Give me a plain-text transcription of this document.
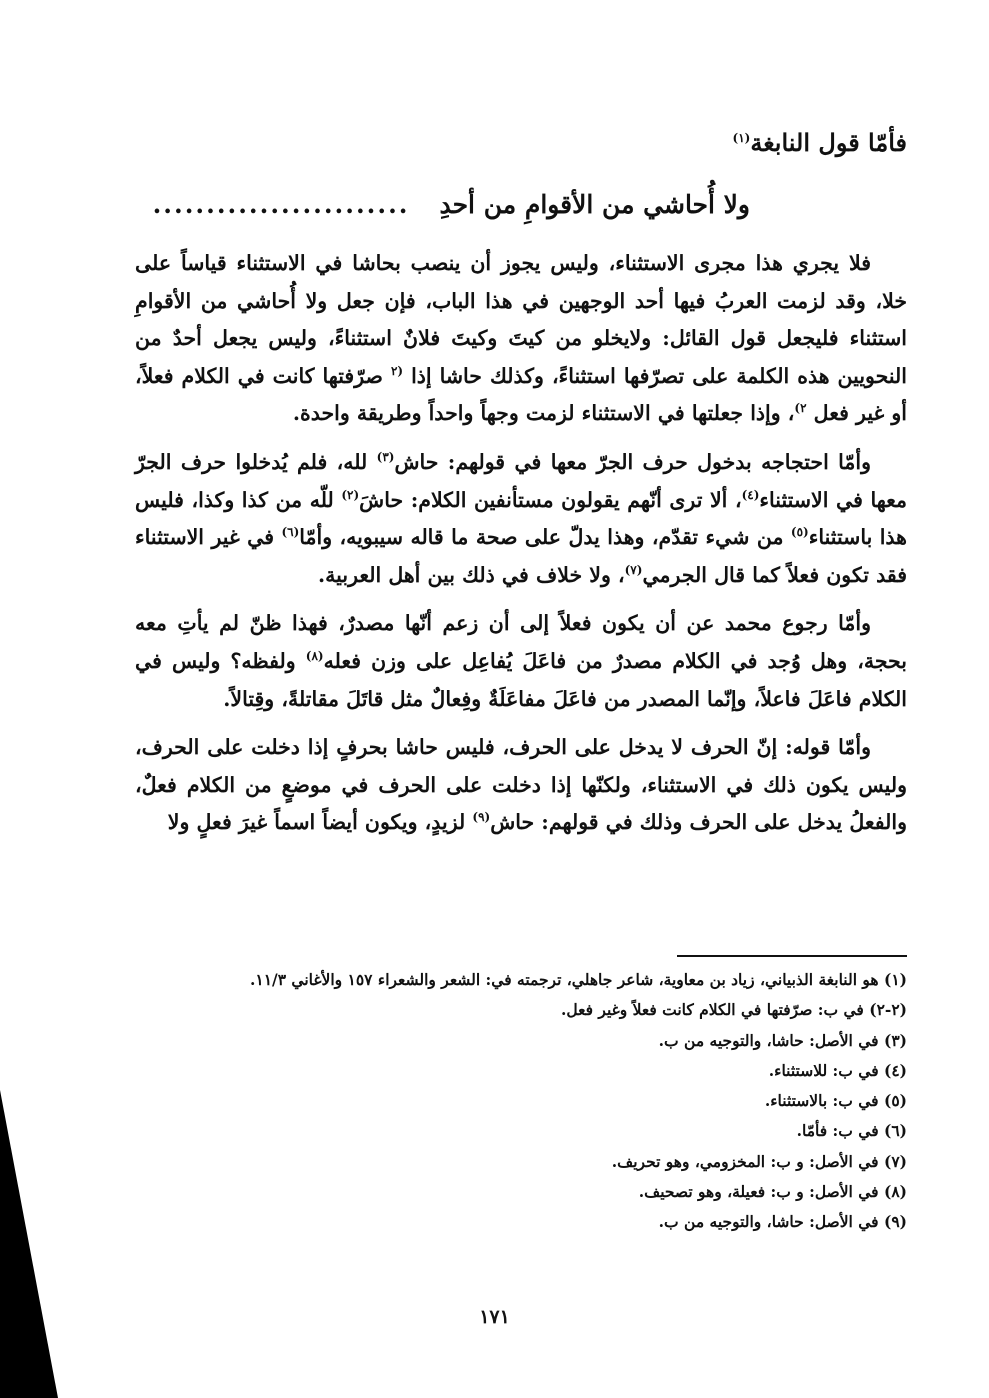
فأمّا قول النابغة$^{(١)}$
ولا أُحاشي من الأقوامِ من أحدِ........................

فلا يجري هذا مجرى الاستثناء، وليس يجوز أن ينصب بحاشا في الاستثناء قياساً على خلا، وقد لزمت العربُ فيها أحد الوجهين في هذا الباب، فإن جعل ولا أُحاشي من الأقوامِ استثناء فليجعل قول القائل: ولايخلو من كيتَ وكيتَ فلانٌ استثناءً، وليس يجعل أحدٌ من النحويين هذه الكلمة على تصرّفها استثناءً، وكذلك حاشا إذا $^{(٢}$ صرّفتها كانت في الكلام فعلاً، أو غير فعل $^{٢)}$، وإذا جعلتها في الاستثناء لزمت وجهاً واحداً وطريقة واحدة.

وأمّا احتجاجه بدخول حرف الجرّ معها في قولهم: حاش$^{(٣)}$ لله، فلم يُدخلوا حرف الجرّ معها في الاستثناء$^{(٤)}$، ألا ترى أنّهم يقولون مستأنفين الكلام: حاشَ$^{(٢)}$ للّه من كذا وكذا، فليس هذا باستثناء$^{(٥)}$ من شيء تقدّم، وهذا يدلّ على صحة ما قاله سيبويه، وأمّا$^{(٦)}$ في غير الاستثناء فقد تكون فعلاً كما قال الجرمي$^{(٧)}$، ولا خلاف في ذلك بين أهل العربية.

وأمّا رجوع محمد عن أن يكون فعلاً إلى أن زعم أنّها مصدرٌ، فهذا ظنّ لم يأتِ معه بحجة، وهل وُجد في الكلام مصدرٌ من فاعَلَ يُفاعِل على وزن فعله$^{(٨)}$ ولفظه؟ وليس في الكلام فاعَلَ فاعلاً، وإنّما المصدر من فاعَلَ مفاعَلَةٌ وفِعالٌ مثل قاتَلَ مقاتلةً، وقِتالاً.

وأمّا قوله: إنّ الحرف لا يدخل على الحرف، فليس حاشا بحرفٍ إذا دخلت على الحرف، وليس يكون ذلك في الاستثناء، ولكنّها إذا دخلت على الحرف في موضعٍ من الكلام فعلٌ، والفعلُ يدخل على الحرف وذلك في قولهم: حاش$^{(٩)}$ لزيدٍ، ويكون أيضاً اسماً غيرَ فعلٍ ولا

(١) هو النابغة الذبياني، زياد بن معاوية، شاعر جاهلي، ترجمته في: الشعر والشعراء ١٥٧ والأغاني ١١/٣.
(٢-٢) في ب: صرّفتها في الكلام كانت فعلاً وغير فعل.
(٣) في الأصل: حاشا، والتوجيه من ب.
(٤) في ب: للاستثناء.
(٥) في ب: بالاستثناء.
(٦) في ب: فأمّا.
(٧) في الأصل: و ب: المخزومي، وهو تحريف.
(٨) في الأصل: و ب: فعيلة، وهو تصحيف.
(٩) في الأصل: حاشا، والتوجيه من ب.
١٧١
